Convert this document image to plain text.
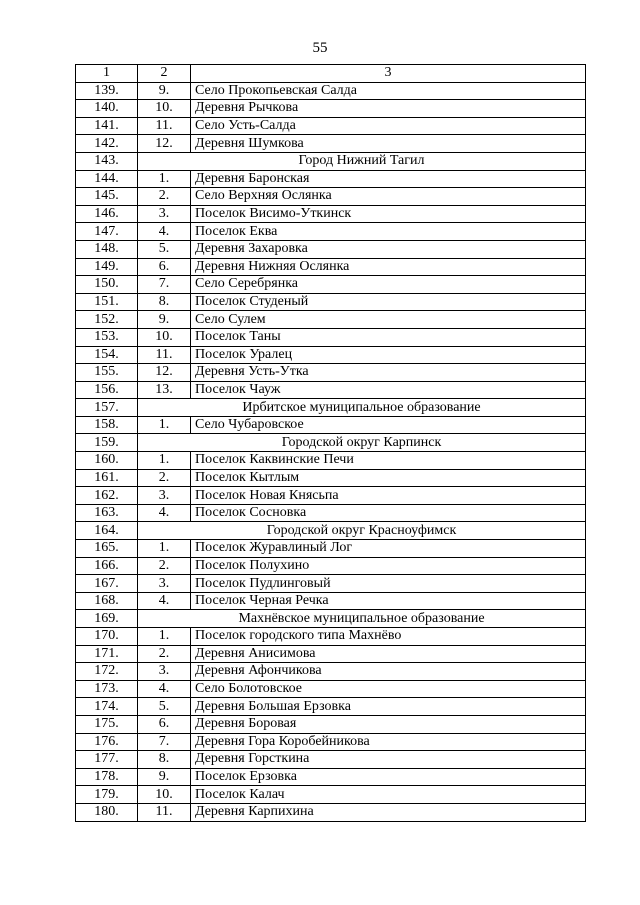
55
1	2	3
139.	9.	Село Прокопьевская Салда
140.	10.	Деревня Рычкова
141.	11.	Село Усть-Салда
142.	12.	Деревня Шумкова
143.	Город Нижний Тагил	
144.	1.	Деревня Баронская
145.	2.	Село Верхняя Ослянка
146.	3.	Поселок Висимо-Уткинск
147.	4.	Поселок Еква
148.	5.	Деревня Захаровка
149.	6.	Деревня Нижняя Ослянка
150.	7.	Село Серебрянка
151.	8.	Поселок Студеный
152.	9.	Село Сулем
153.	10.	Поселок Таны
154.	11.	Поселок Уралец
155.	12.	Деревня Усть-Утка
156.	13.	Поселок Чауж
157.	Ирбитское муниципальное образование	
158.	1.	Село Чубаровское
159.	Городской округ Карпинск	
160.	1.	Поселок Каквинские Печи
161.	2.	Поселок Кытлым
162.	3.	Поселок Новая Княсьпа
163.	4.	Поселок Сосновка
164.	Городской округ Красноуфимск	
165.	1.	Поселок Журавлиный Лог
166.	2.	Поселок Полухино
167.	3.	Поселок Пудлинговый
168.	4.	Поселок Черная Речка
169.	Махнёвское муниципальное образование	
170.	1.	Поселок городского типа Махнёво
171.	2.	Деревня Анисимова
172.	3.	Деревня Афончикова
173.	4.	Село Болотовское
174.	5.	Деревня Большая Ерзовка
175.	6.	Деревня Боровая
176.	7.	Деревня Гора Коробейникова
177.	8.	Деревня Горсткина
178.	9.	Поселок Ерзовка
179.	10.	Поселок Калач
180.	11.	Деревня Карпихина
